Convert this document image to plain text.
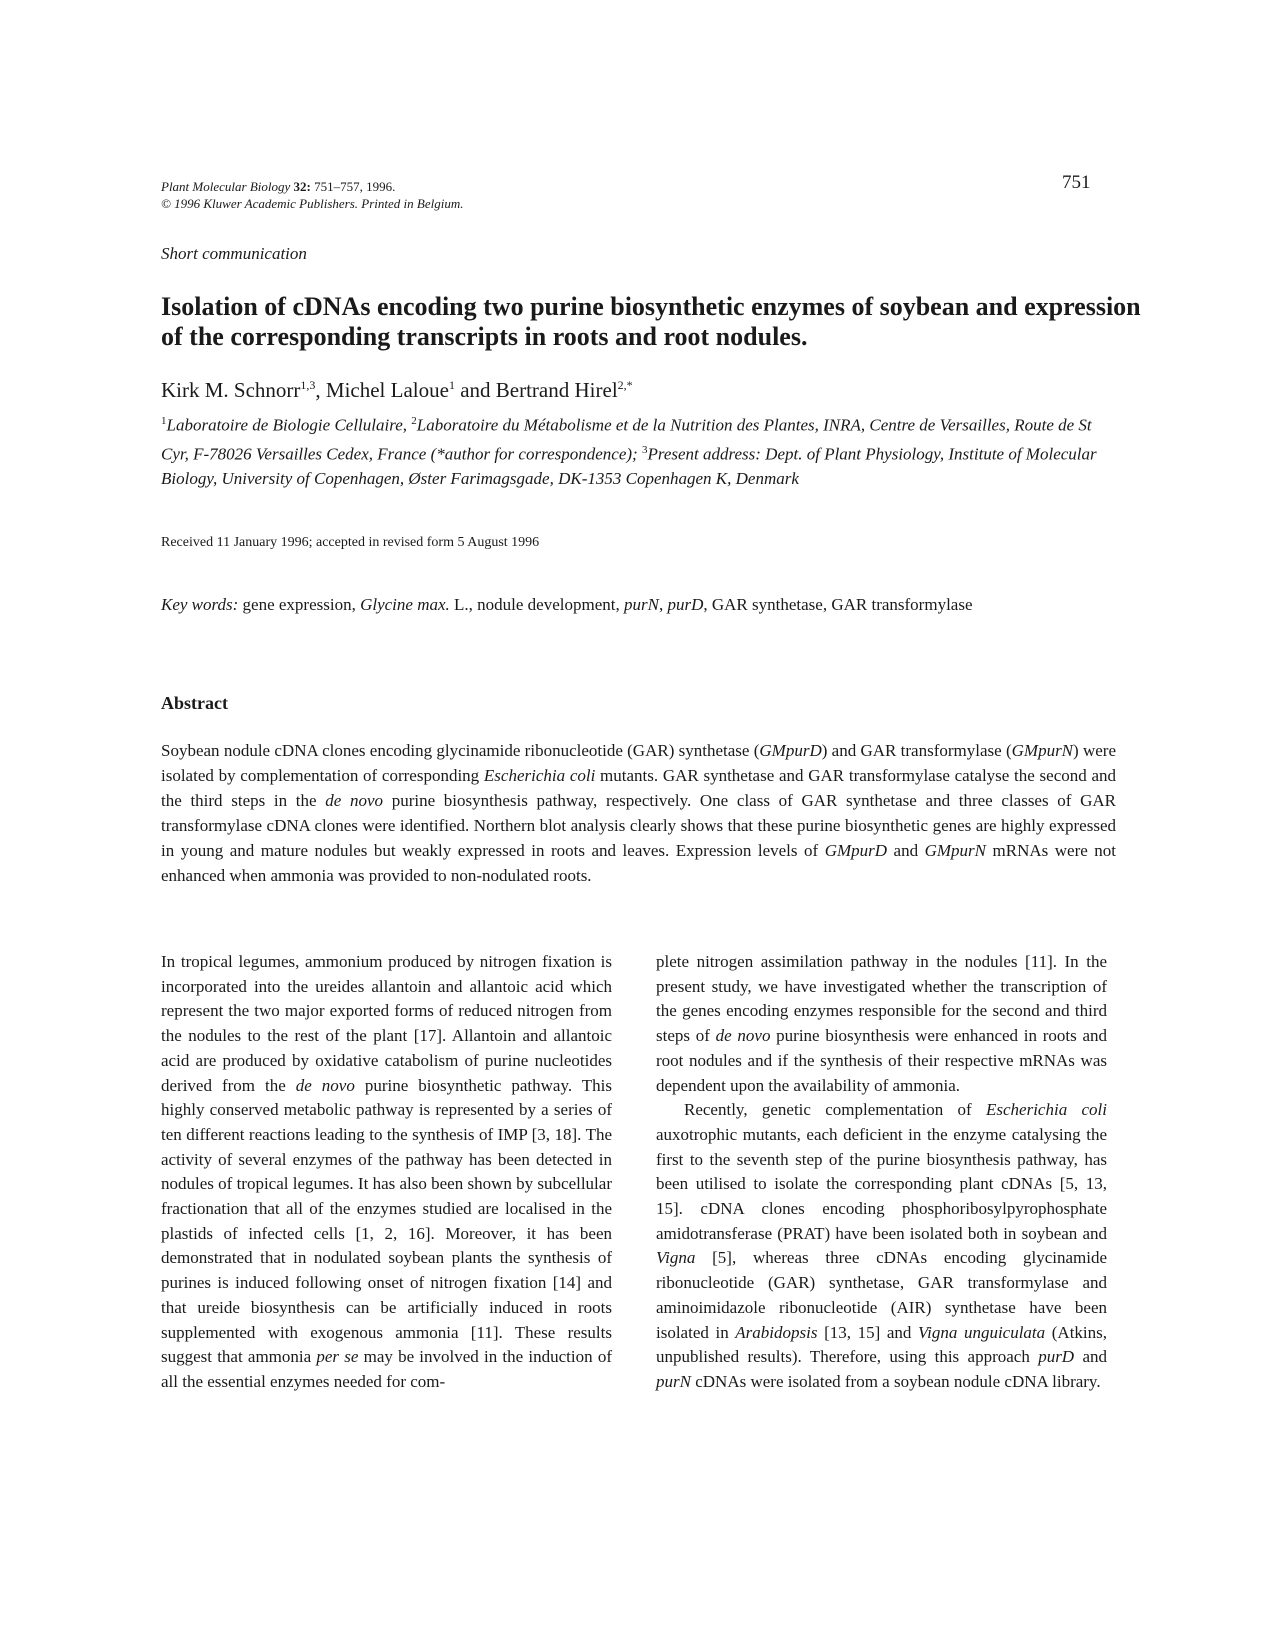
Plant Molecular Biology 32: 751–757, 1996.
© 1996 Kluwer Academic Publishers. Printed in Belgium.
751
Short communication
Isolation of cDNAs encoding two purine biosynthetic enzymes of soybean and expression of the corresponding transcripts in roots and root nodules.
Kirk M. Schnorr$^{1,3}$, Michel Laloue$^1$ and Bertrand Hirel$^{2,*}$
$^1$Laboratoire de Biologie Cellulaire, $^2$Laboratoire du Métabolisme et de la Nutrition des Plantes, INRA, Centre de Versailles, Route de St Cyr, F-78026 Versailles Cedex, France (*author for correspondence); $^3$Present address: Dept. of Plant Physiology, Institute of Molecular Biology, University of Copenhagen, Øster Farimagsgade, DK-1353 Copenhagen K, Denmark
Received 11 January 1996; accepted in revised form 5 August 1996
Key words: gene expression, Glycine max. L., nodule development, purN, purD, GAR synthetase, GAR transformylase
Abstract
Soybean nodule cDNA clones encoding glycinamide ribonucleotide (GAR) synthetase (GMpurD) and GAR transformylase (GMpurN) were isolated by complementation of corresponding Escherichia coli mutants. GAR synthetase and GAR transformylase catalyse the second and the third steps in the de novo purine biosynthesis pathway, respectively. One class of GAR synthetase and three classes of GAR transformylase cDNA clones were identified. Northern blot analysis clearly shows that these purine biosynthetic genes are highly expressed in young and mature nodules but weakly expressed in roots and leaves. Expression levels of GMpurD and GMpurN mRNAs were not enhanced when ammonia was provided to non-nodulated roots.

In tropical legumes, ammonium produced by nitrogen fixation is incorporated into the ureides allantoin and allantoic acid which represent the two major exported forms of reduced nitrogen from the nodules to the rest of the plant [17]. Allantoin and allantoic acid are produced by oxidative catabolism of purine nucleotides derived from the de novo purine biosynthetic pathway. This highly conserved metabolic pathway is represented by a series of ten different reactions leading to the synthesis of IMP [3, 18]. The activity of several enzymes of the pathway has been detected in nodules of tropical legumes. It has also been shown by subcellular fractionation that all of the enzymes studied are localised in the plastids of infected cells [1, 2, 16]. Moreover, it has been demonstrated that in nodulated soybean plants the synthesis of purines is induced following onset of nitrogen fixation [14] and that ureide biosynthesis can be artificially induced in roots supplemented with exogenous ammonia [11]. These results suggest that ammonia per se may be involved in the induction of all the essential enzymes needed for com-

plete nitrogen assimilation pathway in the nodules [11]. In the present study, we have investigated whether the transcription of the genes encoding enzymes responsible for the second and third steps of de novo purine biosynthesis were enhanced in roots and root nodules and if the synthesis of their respective mRNAs was dependent upon the availability of ammonia.

Recently, genetic complementation of Escherichia coli auxotrophic mutants, each deficient in the enzyme catalysing the first to the seventh step of the purine biosynthesis pathway, has been utilised to isolate the corresponding plant cDNAs [5, 13, 15]. cDNA clones encoding phosphoribosylpyrophosphate amidotransferase (PRAT) have been isolated both in soybean and Vigna [5], whereas three cDNAs encoding glycinamide ribonucleotide (GAR) synthetase, GAR transformylase and aminoimidazole ribonucleotide (AIR) synthetase have been isolated in Arabidopsis [13, 15] and Vigna unguiculata (Atkins, unpublished results). Therefore, using this approach purD and purN cDNAs were isolated from a soybean nodule cDNA library.
